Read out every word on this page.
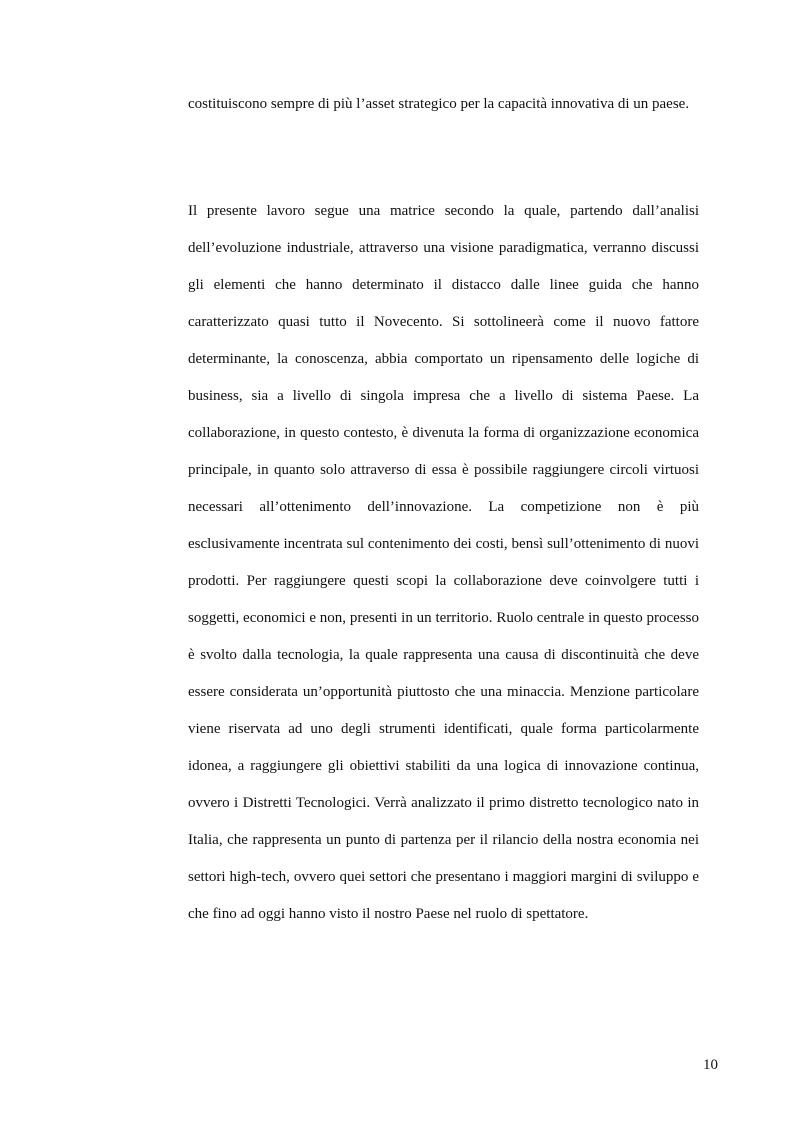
costituiscono sempre di più l’asset strategico per la capacità innovativa di un paese.

Il presente lavoro segue una matrice secondo la quale, partendo dall’analisi dell’evoluzione industriale, attraverso una visione paradigmatica, verranno discussi gli elementi che hanno determinato il distacco dalle linee guida che hanno caratterizzato quasi tutto il Novecento. Si sottolineerà come il nuovo fattore determinante, la conoscenza, abbia comportato un ripensamento delle logiche di business, sia a livello di singola impresa che a livello di sistema Paese. La collaborazione, in questo contesto, è divenuta la forma di organizzazione economica principale, in quanto solo attraverso di essa è possibile raggiungere circoli virtuosi necessari all’ottenimento dell’innovazione. La competizione non è più esclusivamente incentrata sul contenimento dei costi, bensì sull’ottenimento di nuovi prodotti. Per raggiungere questi scopi la collaborazione deve coinvolgere tutti i soggetti, economici e non, presenti in un territorio. Ruolo centrale in questo processo è svolto dalla tecnologia, la quale rappresenta una causa di discontinuità che deve essere considerata un’opportunità piuttosto che una minaccia. Menzione particolare viene riservata ad uno degli strumenti identificati, quale forma particolarmente idonea, a raggiungere gli obiettivi stabiliti da una logica di innovazione continua, ovvero i Distretti Tecnologici. Verrà analizzato il primo distretto tecnologico nato in Italia, che rappresenta un punto di partenza per il rilancio della nostra economia nei settori high-tech, ovvero quei settori che presentano i maggiori margini di sviluppo e che fino ad oggi hanno visto il nostro Paese nel ruolo di spettatore.

10
